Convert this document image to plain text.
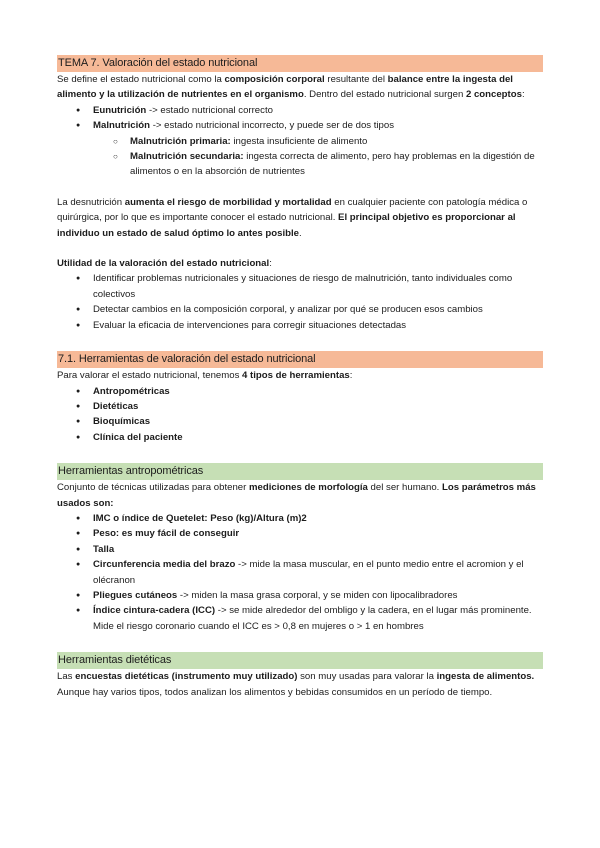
TEMA 7. Valoración del estado nutricional

Se define el estado nutricional como la composición corporal resultante del balance entre la ingesta del alimento y la utilización de nutrientes en el organismo. Dentro del estado nutricional surgen 2 conceptos:

● Eunutrición -> estado nutricional correcto
● Malnutrición -> estado nutricional incorrecto, y puede ser de dos tipos
○ Malnutrición primaria: ingesta insuficiente de alimento
○ Malnutrición secundaria: ingesta correcta de alimento, pero hay problemas en la digestión de alimentos o en la absorción de nutrientes

La desnutrición aumenta el riesgo de morbilidad y mortalidad en cualquier paciente con patología médica o quirúrgica, por lo que es importante conocer el estado nutricional. El principal objetivo es proporcionar al individuo un estado de salud óptimo lo antes posible.

Utilidad de la valoración del estado nutricional:

● Identificar problemas nutricionales y situaciones de riesgo de malnutrición, tanto individuales como colectivos
● Detectar cambios en la composición corporal, y analizar por qué se producen esos cambios
● Evaluar la eficacia de intervenciones para corregir situaciones detectadas
7.1. Herramientas de valoración del estado nutricional

Para valorar el estado nutricional, tenemos 4 tipos de herramientas:

● Antropométricas
● Dietéticas
● Bioquímicas
● Clínica del paciente
Herramientas antropométricas

Conjunto de técnicas utilizadas para obtener mediciones de morfología del ser humano. Los parámetros más usados son:

● IMC o índice de Quetelet: Peso (kg)/Altura (m)2
● Peso: es muy fácil de conseguir
● Talla
● Circunferencia media del brazo -> mide la masa muscular, en el punto medio entre el acromion y el olécranon
● Pliegues cutáneos -> miden la masa grasa corporal, y se miden con lipocalibradores
● Índice cintura-cadera (ICC) -> se mide alrededor del ombligo y la cadera, en el lugar más prominente. Mide el riesgo coronario cuando el ICC es > 0,8 en mujeres o > 1 en hombres
Herramientas dietéticas

Las encuestas dietéticas (instrumento muy utilizado) son muy usadas para valorar la ingesta de alimentos. Aunque hay varios tipos, todos analizan los alimentos y bebidas consumidos en un período de tiempo.
